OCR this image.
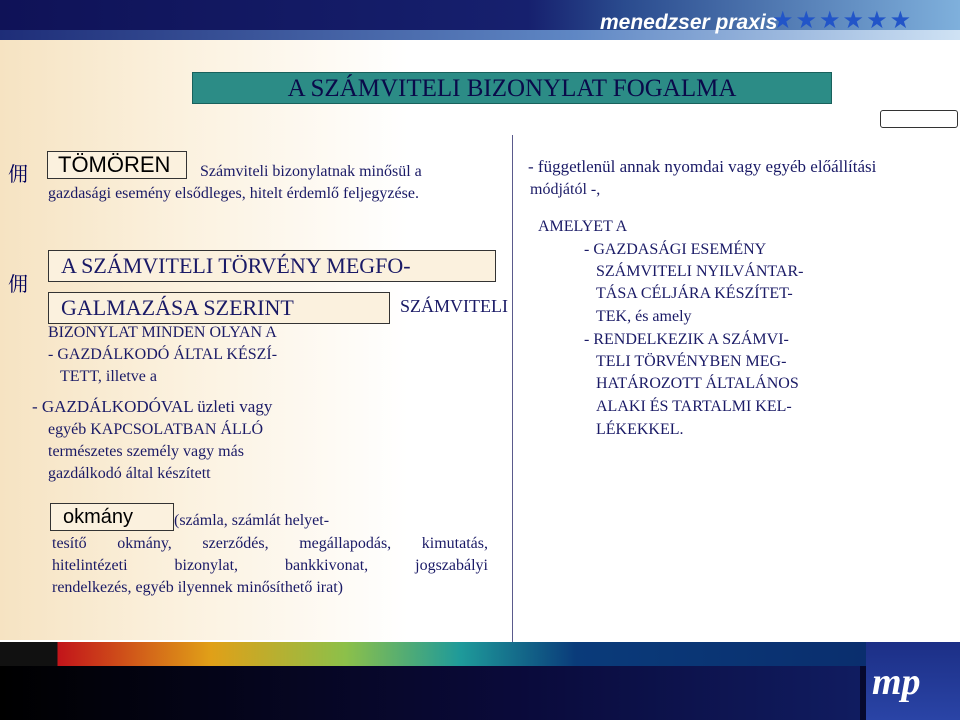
menedzser praxis
★★★★★★
A SZÁMVITELI BIZONYLAT FOGALMA
佣
佣
TÖMÖREN	Számviteli bizonylatnak minősül a
gazdasági esemény elsődleges, hitelt érdemlő feljegyzése.
A SZÁMVITELI TÖRVÉNY MEGFO-
GALMAZÁSA SZERINT	SZÁMVITELI
BIZONYLAT MINDEN OLYAN A
- GAZDÁLKODÓ ÁLTAL KÉSZÍ-
TETT, illetve a
- GAZDÁLKODÓVAL üzleti vagy
egyéb KAPCSOLATBAN ÁLLÓ
természetes személy vagy más
gazdálkodó által készített
okmány	(számla, számlát helyet-
tesítő okmány, szerződés, megállapodás, kimutatás,
hitelintézeti bizonylat, bankkivonat, jogszabályi
rendelkezés, egyéb ilyennek minősíthető irat)
- függetlenül annak nyomdai vagy egyéb előállítási
módjától -,
AMELYET A
- GAZDASÁGI ESEMÉNY
SZÁMVITELI NYILVÁNTAR-
TÁSA CÉLJÁRA KÉSZÍTET-
TEK, és amely
- RENDELKEZIK A SZÁMVI-
TELI TÖRVÉNYBEN MEG-
HATÁROZOTT ÁLTALÁNOS
ALAKI ÉS TARTALMI KEL-
LÉKEKKEL.
mp
